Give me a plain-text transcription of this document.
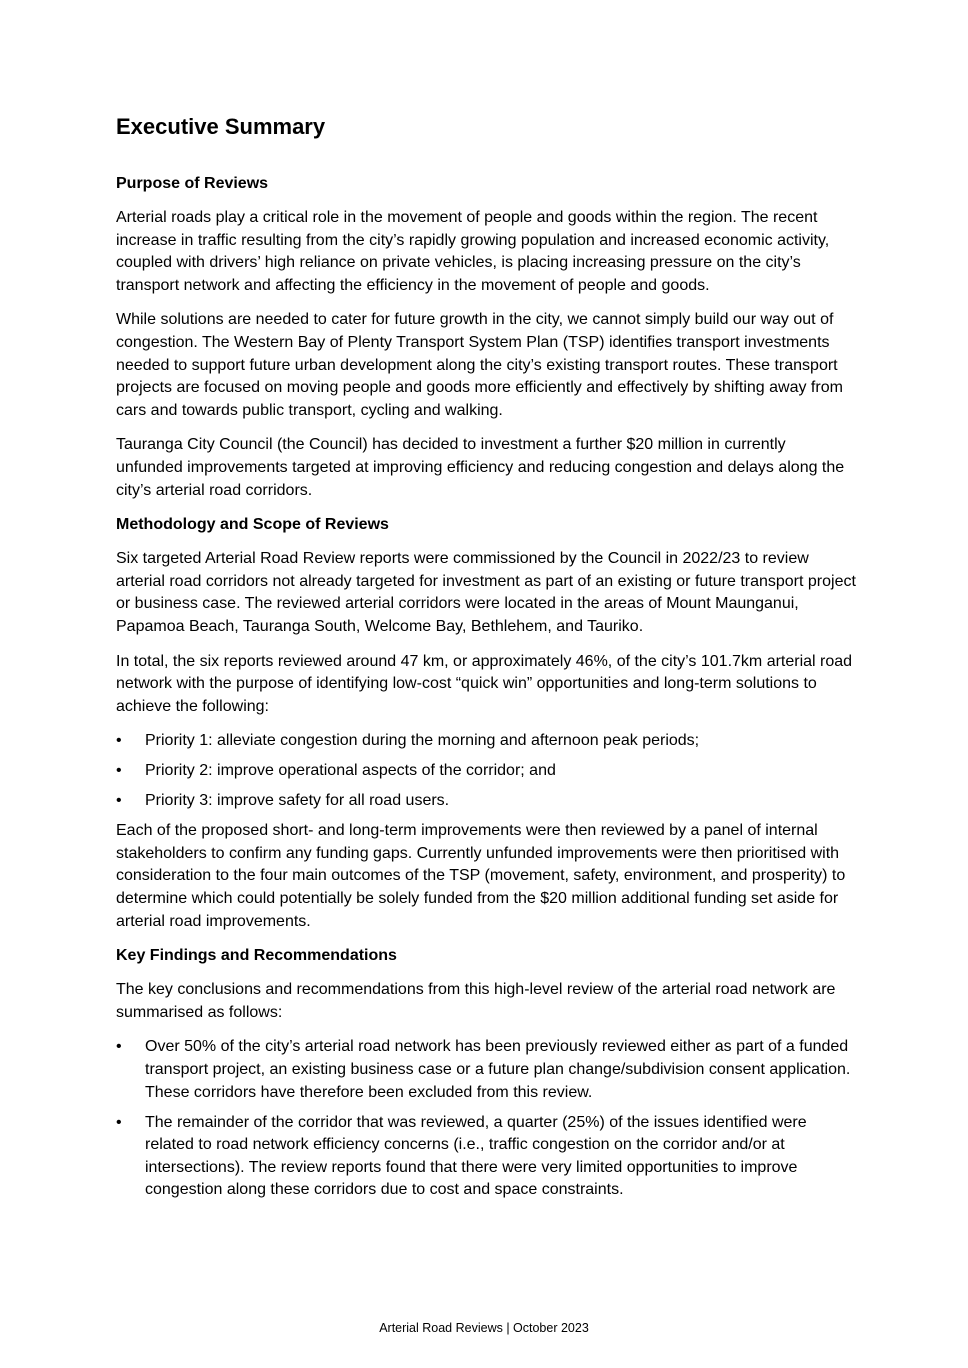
Executive Summary
Purpose of Reviews

Arterial roads play a critical role in the movement of people and goods within the region. The recent increase in traffic resulting from the city’s rapidly growing population and increased economic activity, coupled with drivers’ high reliance on private vehicles, is placing increasing pressure on the city’s transport network and affecting the efficiency in the movement of people and goods.

While solutions are needed to cater for future growth in the city, we cannot simply build our way out of congestion. The Western Bay of Plenty Transport System Plan (TSP) identifies transport investments needed to support future urban development along the city’s existing transport routes. These transport projects are focused on moving people and goods more efficiently and effectively by shifting away from cars and towards public transport, cycling and walking.

Tauranga City Council (the Council) has decided to investment a further $20 million in currently unfunded improvements targeted at improving efficiency and reducing congestion and delays along the city’s arterial road corridors.

Methodology and Scope of Reviews

Six targeted Arterial Road Review reports were commissioned by the Council in 2022/23 to review arterial road corridors not already targeted for investment as part of an existing or future transport project or business case. The reviewed arterial corridors were located in the areas of Mount Maunganui, Papamoa Beach, Tauranga South, Welcome Bay, Bethlehem, and Tauriko.

In total, the six reports reviewed around 47 km, or approximately 46%, of the city’s 101.7km arterial road network with the purpose of identifying low-cost “quick win” opportunities and long-term solutions to achieve the following:

•	Priority 1: alleviate congestion during the morning and afternoon peak periods;
•	Priority 2: improve operational aspects of the corridor; and
•	Priority 3: improve safety for all road users.

Each of the proposed short- and long-term improvements were then reviewed by a panel of internal stakeholders to confirm any funding gaps. Currently unfunded improvements were then prioritised with consideration to the four main outcomes of the TSP (movement, safety, environment, and prosperity) to determine which could potentially be solely funded from the $20 million additional funding set aside for arterial road improvements.

Key Findings and Recommendations

The key conclusions and recommendations from this high-level review of the arterial road network are summarised as follows:

•	Over 50% of the city’s arterial road network has been previously reviewed either as part of a funded transport project, an existing business case or a future plan change/subdivision consent application. These corridors have therefore been excluded from this review.
•	The remainder of the corridor that was reviewed, a quarter (25%) of the issues identified were related to road network efficiency concerns (i.e., traffic congestion on the corridor and/or at intersections). The review reports found that there were very limited opportunities to improve congestion along these corridors due to cost and space constraints.
Arterial Road Reviews | October 2023
